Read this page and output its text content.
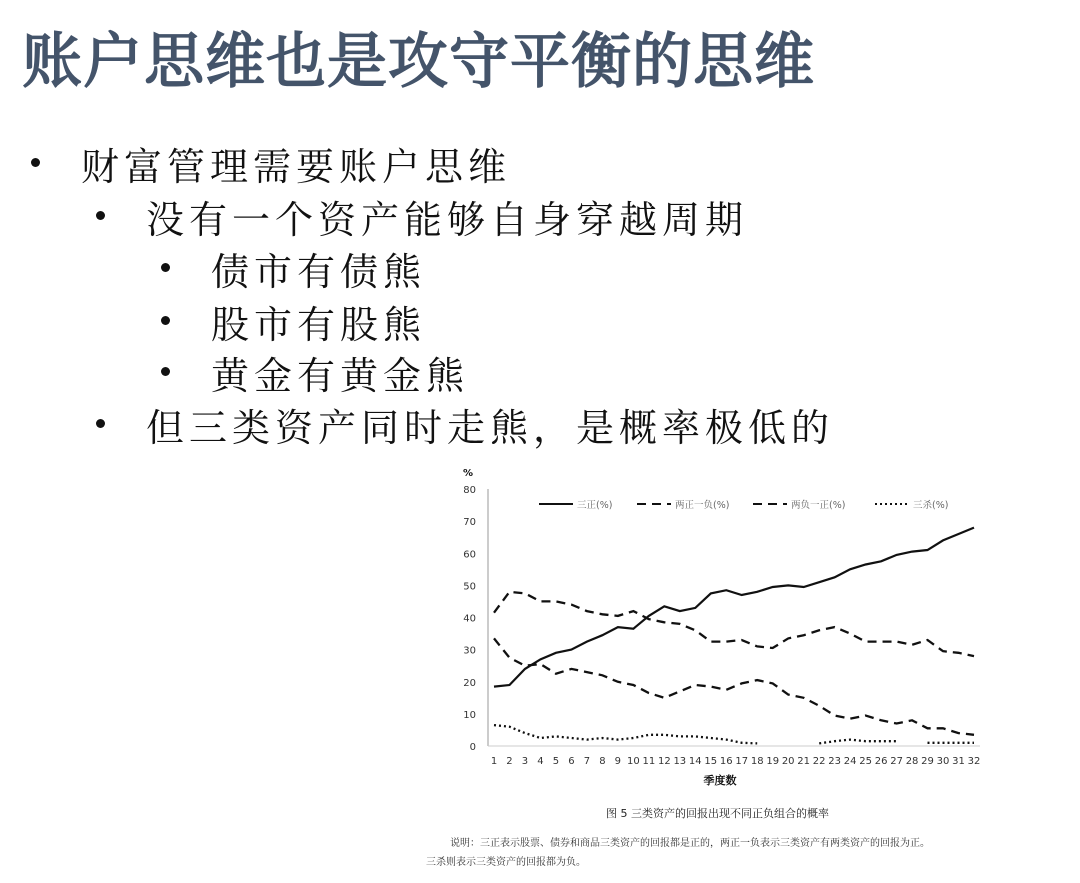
账户思维也是攻守平衡的思维
财富管理需要账户思维
没有一个资产能够自身穿越周期
债市有债熊
股市有股熊
黄金有黄金熊
但三类资产同时走熊，是概率极低的
0
10
20
30
40
50
60
70
80
%
1 2 3 4 5 6 7 8 9 10 11 12 13 14 15 16 17 18 19 20 21 22 23 24 25 26 27 28 29 30 31 32
季度数
三正(%)	两正一负(%)	两负一正(%)	三杀(%)
图 5 三类资产的回报出现不同正负组合的概率
说明：三正表示股票、债券和商品三类资产的回报都是正的，两正一负表示三类资产有两类资产的回报为正。
三杀则表示三类资产的回报都为负。
